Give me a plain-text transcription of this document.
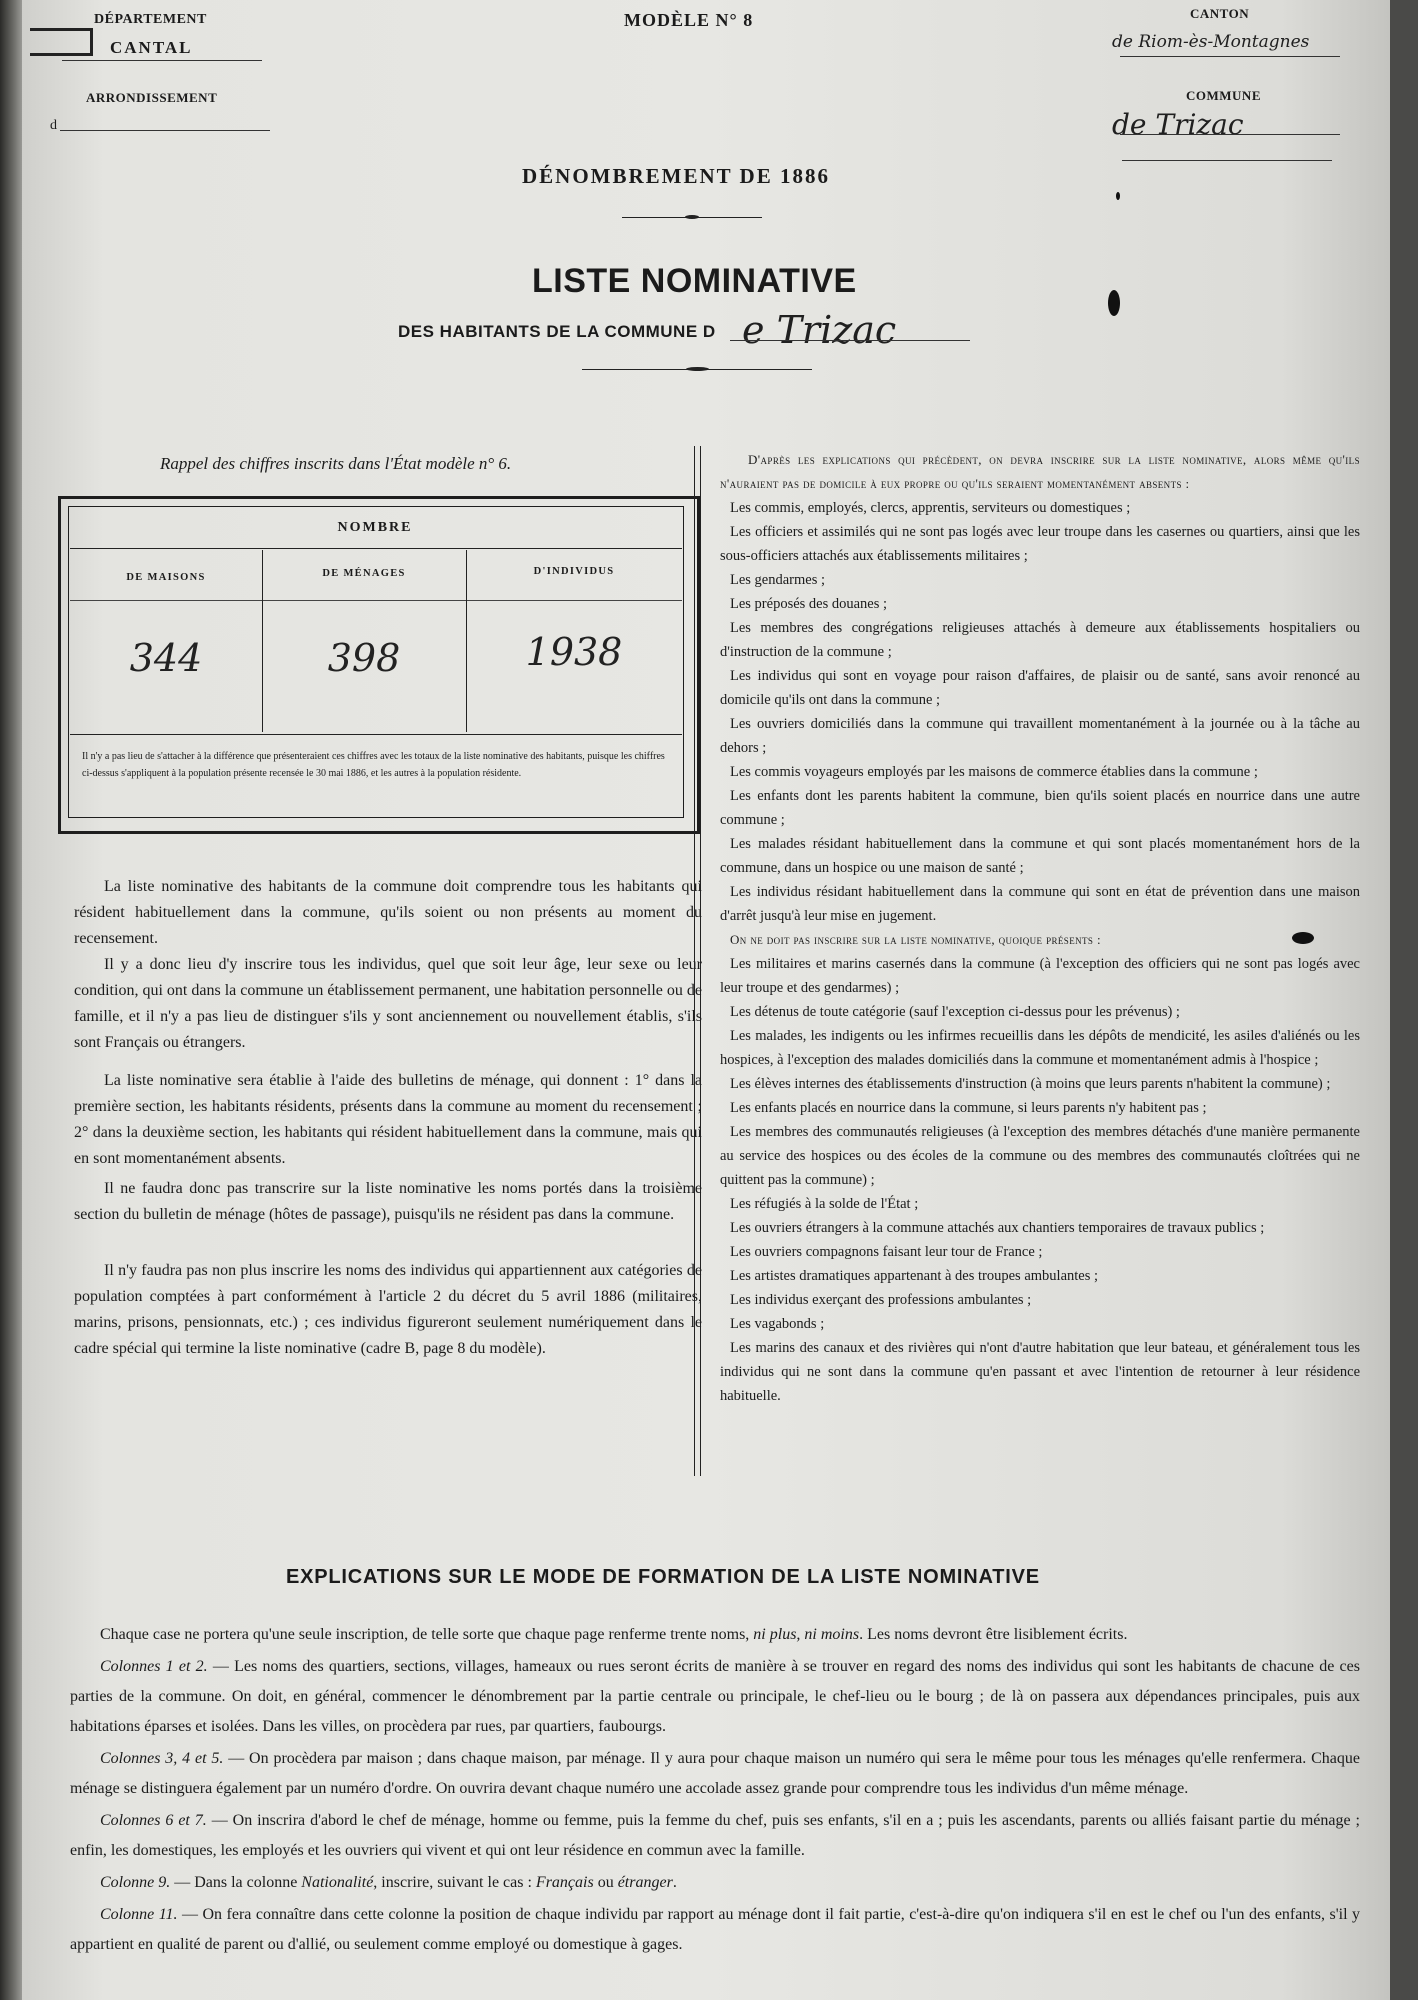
DÉPARTEMENT
CANTAL
ARRONDISSEMENT
d
MODÈLE N° 8	CANTON
de Riom-ès-Montagnes
COMMUNE
de Trizac
DÉNOMBREMENT DE 1886
LISTE NOMINATIVE
DES HABITANTS DE LA COMMUNE D e Trizac
Rappel des chiffres inscrits dans l'État modèle n° 6.
NOMBRE
DE MAISONS	DE MÉNAGES	D'INDIVIDUS
344	398	1938
Il n'y a pas lieu de s'attacher à la différence que présenteraient ces chiffres avec les totaux de la liste nominative des habitants, puisque les chiffres ci-dessus s'appliquent à la population présente recensée le 30 mai 1886, et les autres à la population résidente.
La liste nominative des habitants de la commune doit comprendre tous les habitants qui résident habituellement dans la commune, qu'ils soient ou non présents au moment du recensement.
Il y a donc lieu d'y inscrire tous les individus, quel que soit leur âge, leur sexe ou leur condition, qui ont dans la commune un établissement permanent, une habitation personnelle ou de famille, et il n'y a pas lieu de distinguer s'ils y sont anciennement ou nouvellement établis, s'ils sont Français ou étrangers.
La liste nominative sera établie à l'aide des bulletins de ménage, qui donnent : 1° dans la première section, les habitants résidents, présents dans la commune au moment du recensement ; 2° dans la deuxième section, les habitants qui résident habituellement dans la commune, mais qui en sont momentanément absents.
Il ne faudra donc pas transcrire sur la liste nominative les noms portés dans la troisième section du bulletin de ménage (hôtes de passage), puisqu'ils ne résident pas dans la commune.
Il n'y faudra pas non plus inscrire les noms des individus qui appartiennent aux catégories de population comptées à part conformément à l'article 2 du décret du 5 avril 1886 (militaires, marins, prisons, pensionnats, etc.) ; ces individus figureront seulement numériquement dans le cadre spécial qui termine la liste nominative (cadre B, page 8 du modèle).

D'après les explications qui précèdent, on devra inscrire sur la liste nominative, alors même qu'ils n'auraient pas de domicile à eux propre ou qu'ils seraient momentanément absents :

Les commis, employés, clercs, apprentis, serviteurs ou domestiques ;

Les officiers et assimilés qui ne sont pas logés avec leur troupe dans les casernes ou quartiers, ainsi que les sous-officiers attachés aux établissements militaires ;

Les gendarmes ;

Les préposés des douanes ;

Les membres des congrégations religieuses attachés à demeure aux établissements hospitaliers ou d'instruction de la commune ;

Les individus qui sont en voyage pour raison d'affaires, de plaisir ou de santé, sans avoir renoncé au domicile qu'ils ont dans la commune ;

Les ouvriers domiciliés dans la commune qui travaillent momentanément à la journée ou à la tâche au dehors ;

Les commis voyageurs employés par les maisons de commerce établies dans la commune ;

Les enfants dont les parents habitent la commune, bien qu'ils soient placés en nourrice dans une autre commune ;

Les malades résidant habituellement dans la commune et qui sont placés momentanément hors de la commune, dans un hospice ou une maison de santé ;

Les individus résidant habituellement dans la commune qui sont en état de prévention dans une maison d'arrêt jusqu'à leur mise en jugement.

On ne doit pas inscrire sur la liste nominative, quoique présents :

Les militaires et marins casernés dans la commune (à l'exception des officiers qui ne sont pas logés avec leur troupe et des gendarmes) ;

Les détenus de toute catégorie (sauf l'exception ci-dessus pour les prévenus) ;

Les malades, les indigents ou les infirmes recueillis dans les dépôts de mendicité, les asiles d'aliénés ou les hospices, à l'exception des malades domiciliés dans la commune et momentanément admis à l'hospice ;

Les élèves internes des établissements d'instruction (à moins que leurs parents n'habitent la commune) ;

Les enfants placés en nourrice dans la commune, si leurs parents n'y habitent pas ;

Les membres des communautés religieuses (à l'exception des membres détachés d'une manière permanente au service des hospices ou des écoles de la commune ou des membres des communautés cloîtrées qui ne quittent pas la commune) ;

Les réfugiés à la solde de l'État ;

Les ouvriers étrangers à la commune attachés aux chantiers temporaires de travaux publics ;

Les ouvriers compagnons faisant leur tour de France ;

Les artistes dramatiques appartenant à des troupes ambulantes ;

Les individus exerçant des professions ambulantes ;

Les vagabonds ;

Les marins des canaux et des rivières qui n'ont d'autre habitation que leur bateau, et généralement tous les individus qui ne sont dans la commune qu'en passant et avec l'intention de retourner à leur résidence habituelle.

EXPLICATIONS SUR LE MODE DE FORMATION DE LA LISTE NOMINATIVE

Chaque case ne portera qu'une seule inscription, de telle sorte que chaque page renferme trente noms, ni plus, ni moins. Les noms devront être lisiblement écrits.

Colonnes 1 et 2. — Les noms des quartiers, sections, villages, hameaux ou rues seront écrits de manière à se trouver en regard des noms des individus qui sont les habitants de chacune de ces parties de la commune. On doit, en général, commencer le dénombrement par la partie centrale ou principale, le chef-lieu ou le bourg ; de là on passera aux dépendances principales, puis aux habitations éparses et isolées. Dans les villes, on procèdera par rues, par quartiers, faubourgs.

Colonnes 3, 4 et 5. — On procèdera par maison ; dans chaque maison, par ménage. Il y aura pour chaque maison un numéro qui sera le même pour tous les ménages qu'elle renfermera. Chaque ménage se distinguera également par un numéro d'ordre. On ouvrira devant chaque numéro une accolade assez grande pour comprendre tous les individus d'un même ménage.

Colonnes 6 et 7. — On inscrira d'abord le chef de ménage, homme ou femme, puis la femme du chef, puis ses enfants, s'il en a ; puis les ascendants, parents ou alliés faisant partie du ménage ; enfin, les domestiques, les employés et les ouvriers qui vivent et qui ont leur résidence en commun avec la famille.

Colonne 9. — Dans la colonne Nationalité, inscrire, suivant le cas : Français ou étranger.

Colonne 11. — On fera connaître dans cette colonne la position de chaque individu par rapport au ménage dont il fait partie, c'est-à-dire qu'on indiquera s'il en est le chef ou l'un des enfants, s'il y appartient en qualité de parent ou d'allié, ou seulement comme employé ou domestique à gages.
